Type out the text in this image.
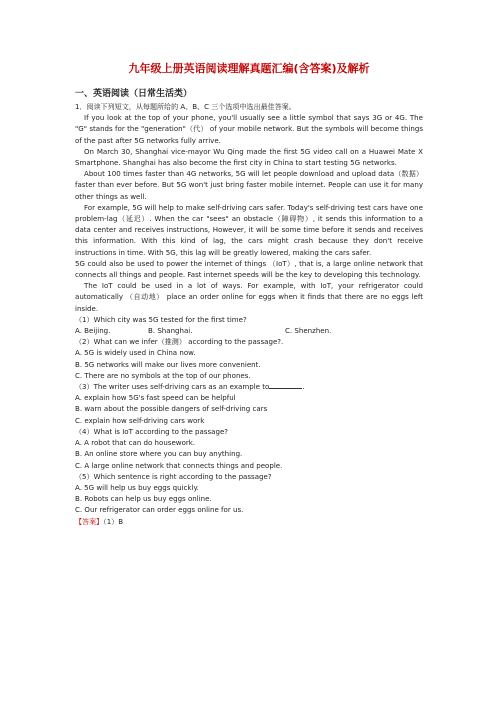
九年级上册英语阅读理解真题汇编(含答案)及解析
一、英语阅读（日常生活类）

1．阅读下列短文，从每题所给的 A、B、C 三个选项中选出最佳答案。

If you look at the top of your phone, you'll usually see a little symbol that says 3G or 4G. The "G" stands for the "generation"（代） of your mobile network. But the symbols will become things of the past after 5G networks fully arrive.

On March 30, Shanghai vice-mayor Wu Qing made the first 5G video call on a Huawei Mate X Smartphone. Shanghai has also become the first city in China to start testing 5G networks.

About 100 times faster than 4G networks, 5G will let people download and upload data（数据） faster than ever before. But 5G won't just bring faster mobile internet. People can use it for many other things as well.

For example, 5G will help to make self-driving cars safer. Today's self-driving test cars have one problem-lag（延迟）. When the car "sees" an obstacle（障碍物）, it sends this information to a data center and receives instructions, However, it will be some time before it sends and receives this information. With this kind of lag, the cars might crash because they don't receive instructions in time. With 5G, this lag will be greatly lowered, making the cars safer.

5G could also be used to power the internet of things （IoT）, that is, a large online network that connects all things and people. Fast internet speeds will be the key to developing this technology.

The IoT could be used in a lot of ways. For example, with IoT, your refrigerator could automatically （自动地） place an order online for eggs when it finds that there are no eggs left inside.

（1）Which city was 5G tested for the first time?

A. Beijing.	B. Shanghai.	C. Shenzhen.

（2）What can we infer（推测） according to the passage?.

A. 5G is widely used in China now.

B. 5G networks will make our lives more convenient.

C. There are no symbols at the top of our phones.

（3）The writer uses self-driving cars as an example to	.

A. explain how 5G's fast speed can be helpful

B. warn about the possible dangers of self-driving cars

C. explain how self-driving cars work

（4）What is IoT according to the passage?

A. A robot that can do housework.

B. An online store where you can buy anything.

C. A large online network that connects things and people.

（5）Which sentence is right according to the passage?

A. 5G will help us buy eggs quickly.

B. Robots can help us buy eggs online.

C. Our refrigerator can order eggs online for us.

【答案】（1）B
